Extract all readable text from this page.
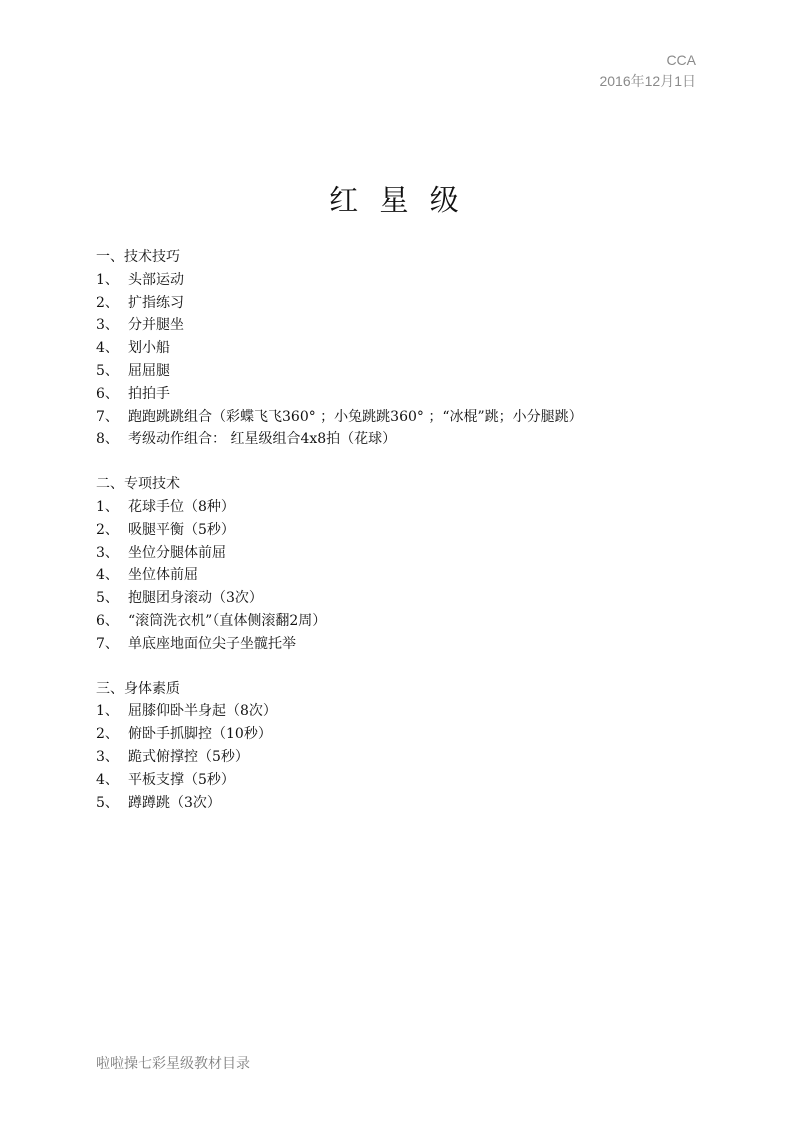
CCA
2016年12月1日
红 星 级
一、技术技巧
1、 头部运动
2、 扩指练习
3、 分并腿坐
4、 划小船
5、 屈屈腿
6、 拍拍手
7、 跑跑跳跳组合（彩蝶飞飞360° ；小兔跳跳360° ；“冰棍”跳；小分腿跳）
8、 考级动作组合： 红星级组合4x8拍（花球）
二、专项技术
1、 花球手位（8种）
2、 吸腿平衡（5秒）
3、 坐位分腿体前屈
4、 坐位体前屈
5、 抱腿团身滚动（3次）
6、 “滚筒洗衣机”（直体侧滚翻2周）
7、 单底座地面位尖子坐髋托举
三、身体素质
1、 屈膝仰卧半身起（8次）
2、 俯卧手抓脚控（10秒）
3、 跪式俯撑控（5秒）
4、 平板支撑（5秒）
5、 蹲蹲跳（3次）
啦啦操七彩星级教材目录
